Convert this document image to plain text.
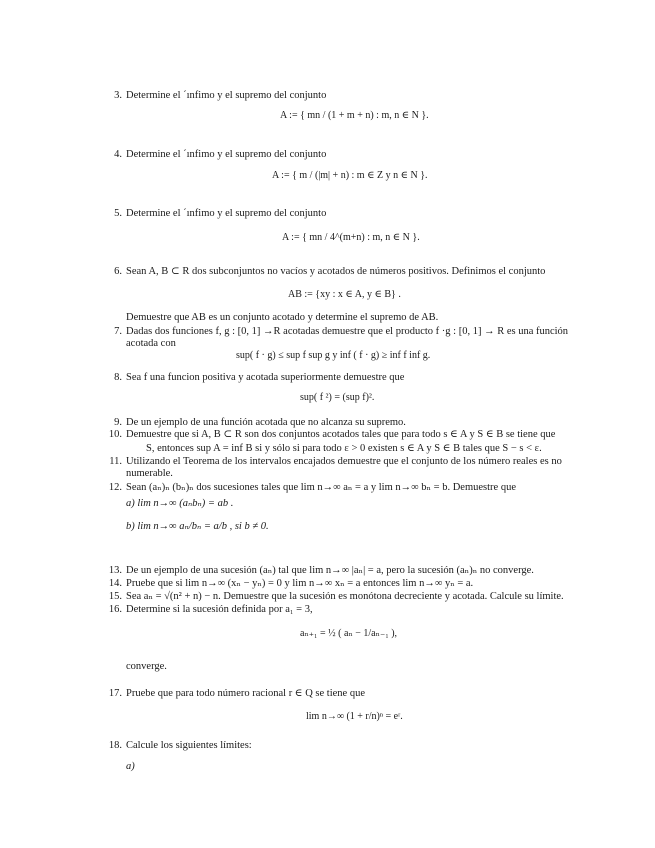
3. Determine el ´ınfimo y el supremo del conjunto
A := { mn / (1 + m + n) : m, n ∈ N }.
4. Determine el ´ınfimo y el supremo del conjunto
A := { m / (|m| + n) : m ∈ Z y n ∈ N }.
5. Determine el ´ınfimo y el supremo del conjunto
A := { mn / 4^(m+n) : m, n ∈ N }.
6. Sean A, B ⊂ R dos subconjuntos no vacíos y acotados de números positivos. Definimos el conjunto
AB := {xy : x ∈ A, y ∈ B} .
Demuestre que AB es un conjunto acotado y determine el supremo de AB.
7. Dadas dos funciones f, g : [0, 1] →R acotadas demuestre que el producto f ·g : [0, 1] → R es una función
acotada con
sup( f · g) ≤ sup f sup g y inf ( f · g) ≥ inf f inf g.
8. Sea f una funcion positiva y acotada superiormente demuestre que
sup( f ²) = (sup f)².
9. De un ejemplo de una función acotada que no alcanza su supremo.
10. Demuestre que si A, B ⊂ R son dos conjuntos acotados tales que para todo s ∈ A y S ∈ B se tiene que
S, entonces sup A = inf B si y sólo si para todo ε > 0 existen s ∈ A y S ∈ B tales que S − s < ε.
11. Utilizando el Teorema de los intervalos encajados demuestre que el conjunto de los número reales es no
numerable.
12. Sean (aₙ)ₙ (bₙ)ₙ dos sucesiones tales que lim n→∞ aₙ = a y lim n→∞ bₙ = b. Demuestre que
a) lim n→∞ (aₙbₙ) = ab .
b) lim n→∞ aₙ/bₙ = a/b , si b ≠ 0.
13. De un ejemplo de una sucesión (aₙ) tal que lim n→∞ |aₙ| = a, pero la sucesión (aₙ)ₙ no converge.
14. Pruebe que si lim n→∞ (xₙ − yₙ) = 0 y lim n→∞ xₙ = a entonces lim n→∞ yₙ = a.
15. Sea aₙ = √(n² + n) − n. Demuestre que la sucesión es monótona decreciente y acotada. Calcule su límite.
16. Determine si la sucesión definida por a₁ = 3,
aₙ₊₁ = ½ ( aₙ − 1/aₙ₋₁ ),
converge.
17. Pruebe que para todo número racional r ∈ Q se tiene que
lim n→∞ (1 + r/n)ⁿ = eʳ.
18. Calcule los siguientes límites:
a)
